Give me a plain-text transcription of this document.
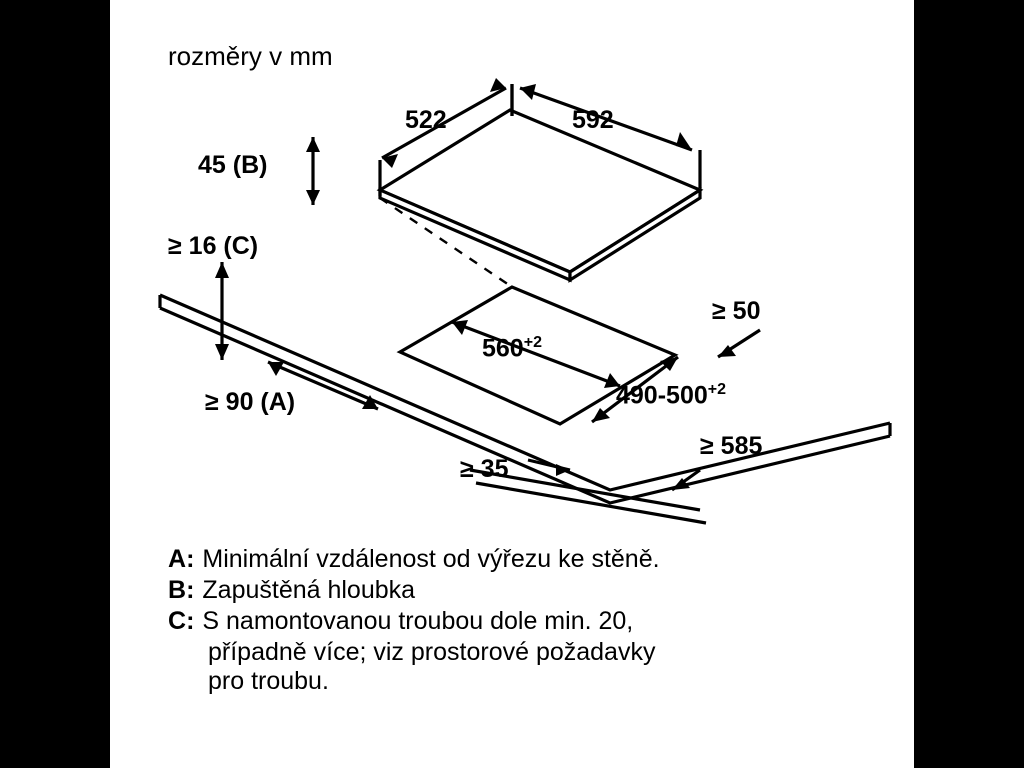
rozměry v mm
522	592
45 (B)
≥ 16 (C)
≥ 90 (A)
$560^{+2}$
$490-500^{+2}$
≥ 50
≥ 35
≥ 585
A : Minimální vzdálenost od výřezu ke stěně.
B : Zapuštěná hloubka
C : S namontovanou troubou dole min. 20,
případně více; viz prostorové požadavky
pro troubu.
